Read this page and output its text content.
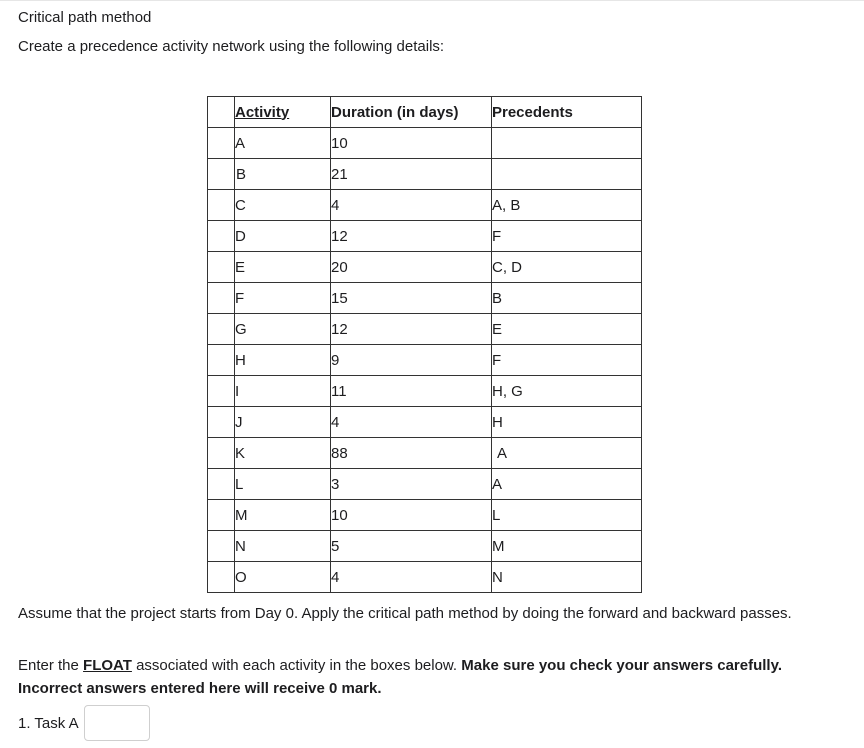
Critical path method
Create a precedence activity network using the following details:
	Activity	Duration (in days)	Precedents
	A	10	
	B	21	
	C	4	A, B
	D	12	F
	E	20	C, D
	F	15	B
	G	12	E
	H	9	F
	I	11	H, G
	J	4	H
	K	88	A
	L	3	A
	M	10	L
	N	5	M
	O	4	N
Assume that the project starts from Day 0. Apply the critical path method by doing the forward and backward passes.
Enter the FLOAT associated with each activity in the boxes below. Make sure you check your answers carefully. Incorrect answers entered here will receive 0 mark.
1. Task A
